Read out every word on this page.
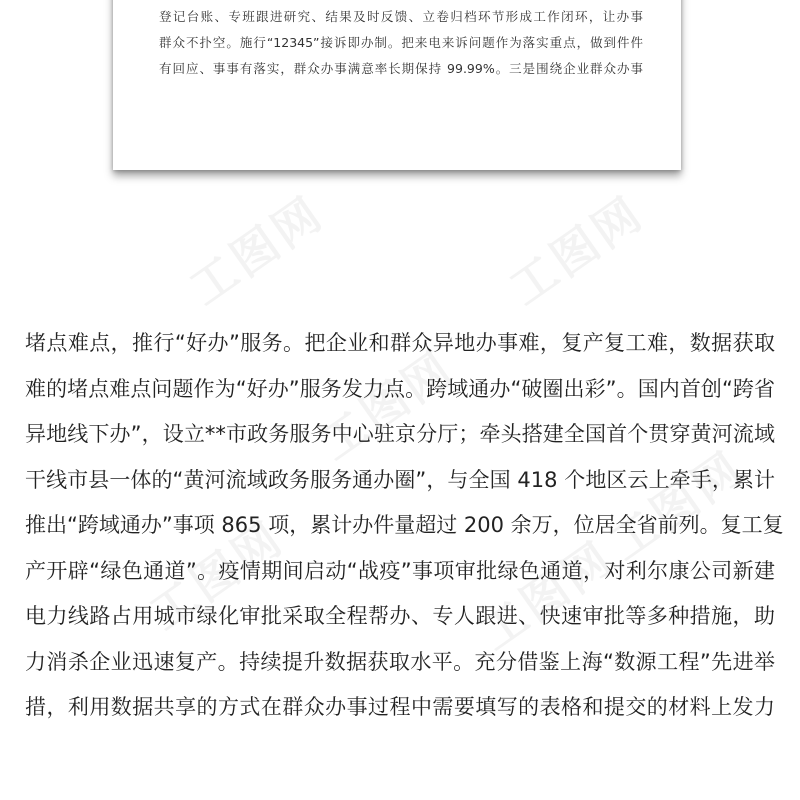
登记台账、专班跟进研究、结果及时反馈、立卷归档环节形成工作闭环，让办事
群众不扑空。施行“12345”接诉即办制。把来电来诉问题作为落实重点，做到件件
有回应、事事有落实，群众办事满意率长期保持 99.99%。三是围绕企业群众办事
工图网	工图网
工图网
工图网	工图网
工图网
堵点难点，推行“好办”服务。把企业和群众异地办事难，复产复工难，数据获取
难的堵点难点问题作为“好办”服务发力点。跨域通办“破圈出彩”。国内首创“跨省
异地线下办”，设立**市政务服务中心驻京分厅；牵头搭建全国首个贯穿黄河流域
干线市县一体的“黄河流域政务服务通办圈”，与全国 418 个地区云上牵手，累计
推出“跨域通办”事项 865 项，累计办件量超过 200 余万，位居全省前列。复工复
产开辟“绿色通道”。疫情期间启动“战疫”事项审批绿色通道，对利尔康公司新建
电力线路占用城市绿化审批采取全程帮办、专人跟进、快速审批等多种措施，助
力消杀企业迅速复产。持续提升数据获取水平。充分借鉴上海“数源工程”先进举
措，利用数据共享的方式在群众办事过程中需要填写的表格和提交的材料上发力
